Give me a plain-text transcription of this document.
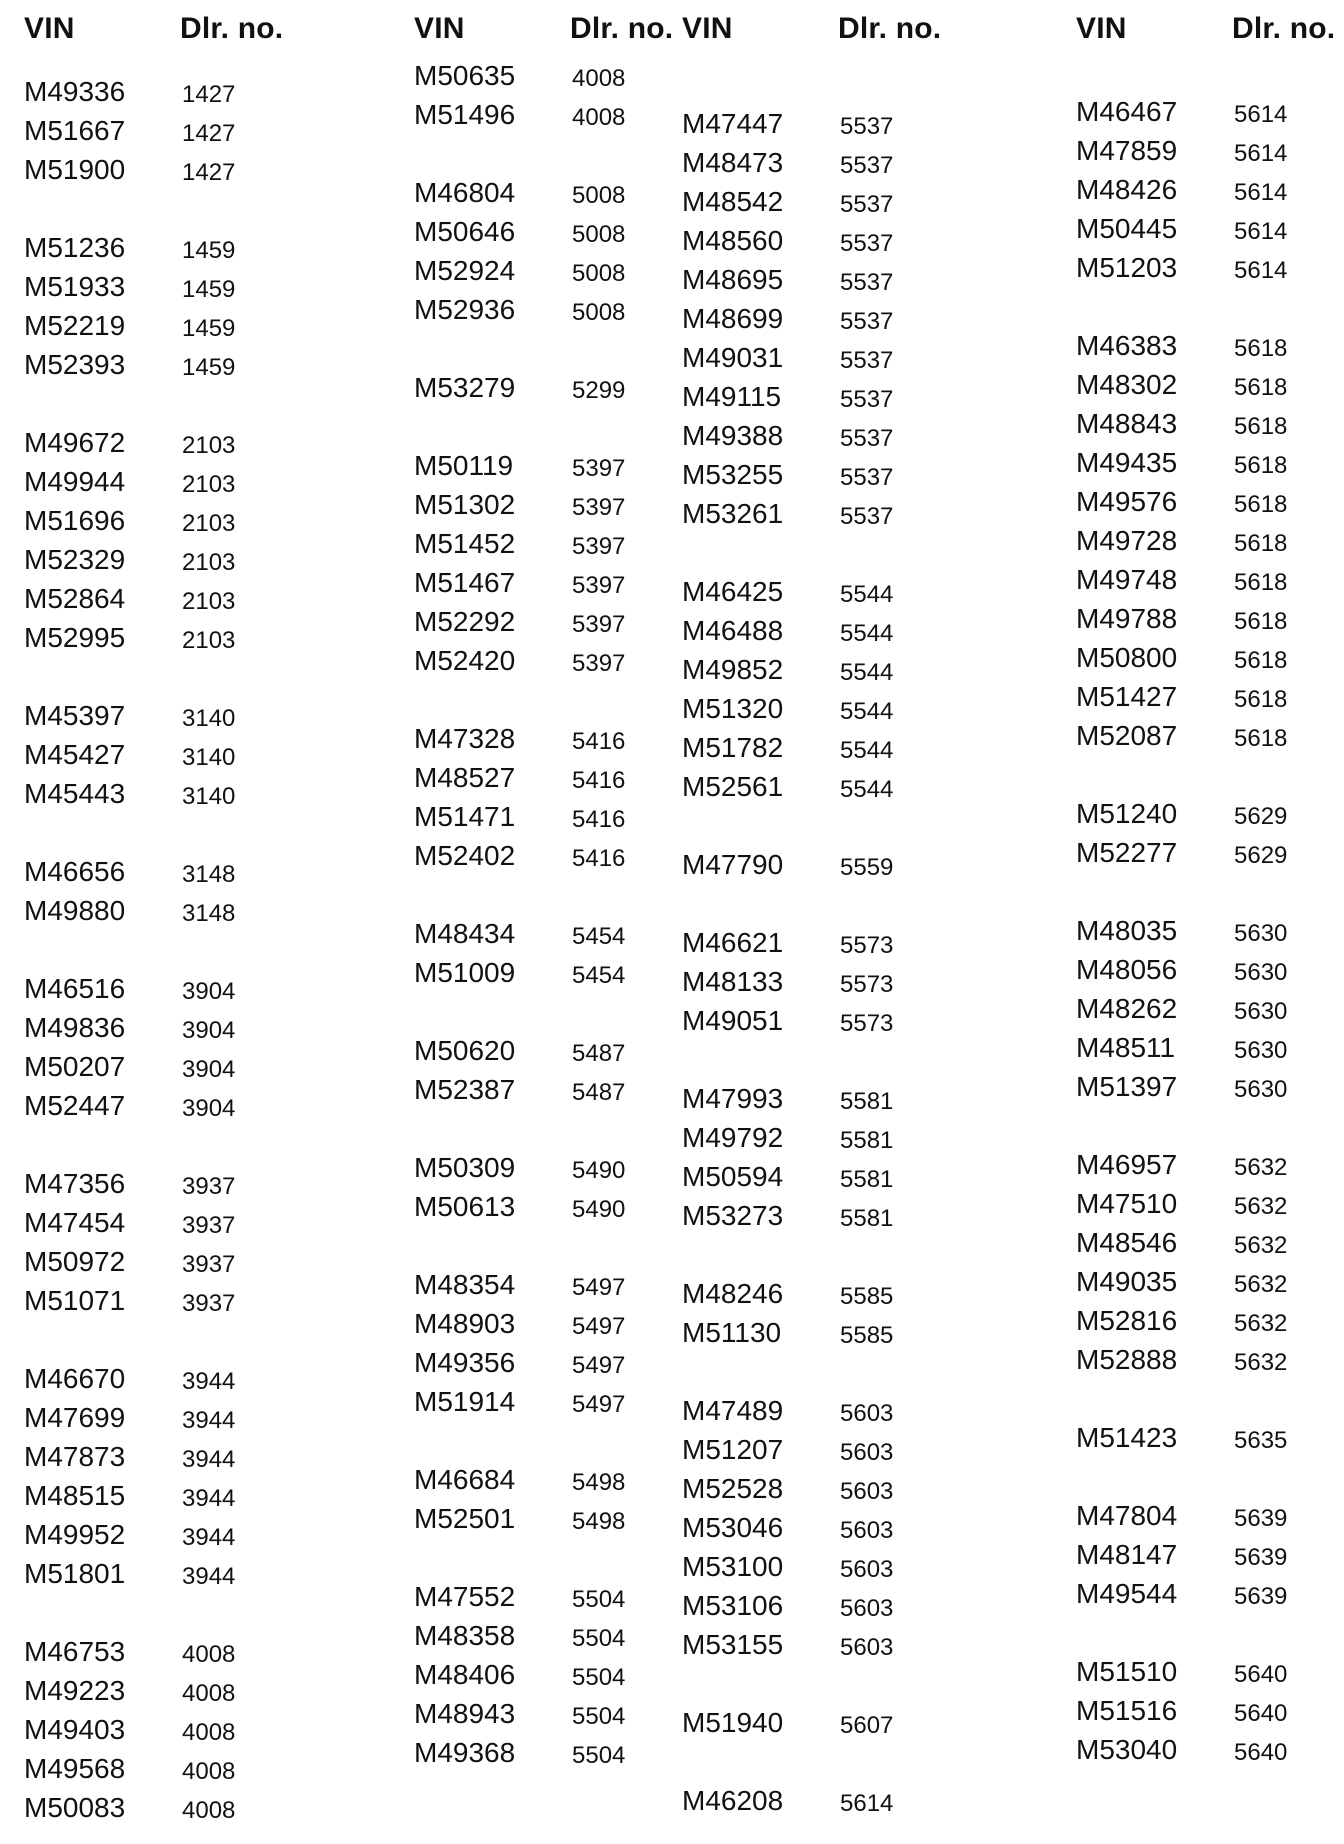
VIN	Dlr. no.
M49336 1427
M51667 1427
M51900 1427
M51236 1459
M51933 1459
M52219 1459
M52393 1459
M49672 2103
M49944 2103
M51696 2103
M52329 2103
M52864 2103
M52995 2103
M45397 3140
M45427 3140
M45443 3140
M46656 3148
M49880 3148
M46516 3904
M49836 3904
M50207 3904
M52447 3904
M47356 3937
M47454 3937
M50972 3937
M51071 3937
M46670 3944
M47699 3944
M47873 3944
M48515 3944
M49952 3944
M51801 3944
M46753 4008
M49223 4008
M49403 4008
M49568 4008
M50083 4008
VIN	Dlr. no.
M50635 4008
M51496 4008
M46804 5008
M50646 5008
M52924 5008
M52936 5008
M53279 5299
M50119 5397
M51302 5397
M51452 5397
M51467 5397
M52292 5397
M52420 5397
M47328 5416
M48527 5416
M51471 5416
M52402 5416
M48434 5454
M51009 5454
M50620 5487
M52387 5487
M50309 5490
M50613 5490
M48354 5497
M48903 5497
M49356 5497
M51914 5497
M46684 5498
M52501 5498
M47552 5504
M48358 5504
M48406 5504
M48943 5504
M49368 5504
VIN	Dlr. no.
M47447 5537
M48473 5537
M48542 5537
M48560 5537
M48695 5537
M48699 5537
M49031 5537
M49115 5537
M49388 5537
M53255 5537
M53261 5537
M46425 5544
M46488 5544
M49852 5544
M51320 5544
M51782 5544
M52561 5544
M47790 5559
M46621 5573
M48133 5573
M49051 5573
M47993 5581
M49792 5581
M50594 5581
M53273 5581
M48246 5585
M51130 5585
M47489 5603
M51207 5603
M52528 5603
M53046 5603
M53100 5603
M53106 5603
M53155 5603
M51940 5607
M46208 5614
VIN	Dlr. no.
M46467 5614
M47859 5614
M48426 5614
M50445 5614
M51203 5614
M46383 5618
M48302 5618
M48843 5618
M49435 5618
M49576 5618
M49728 5618
M49748 5618
M49788 5618
M50800 5618
M51427 5618
M52087 5618
M51240 5629
M52277 5629
M48035 5630
M48056 5630
M48262 5630
M48511 5630
M51397 5630
M46957 5632
M47510 5632
M48546 5632
M49035 5632
M52816 5632
M52888 5632
M51423 5635
M47804 5639
M48147 5639
M49544 5639
M51510 5640
M51516 5640
M53040 5640
